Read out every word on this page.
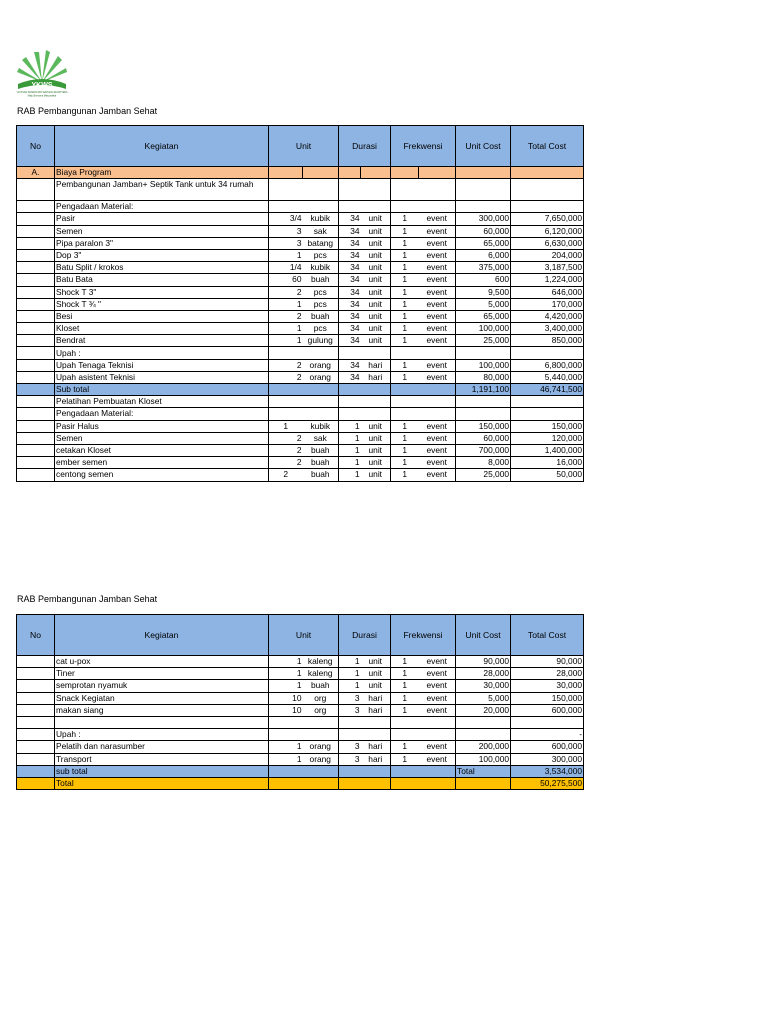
YKWS
YAYASAN KESEHATAN WAHANA SEJAHTERA
Maju Bersama Masyarakat
RAB Pembangunan Jamban Sehat
No	Kegiatan	Unit		Durasi		Frekwensi		Unit Cost	Total Cost
A.	Biaya Program								
	Pembangunan Jamban+ Septik Tank untuk 34 rumah								
	Pengadaan Material:								
	Pasir	3/4	kubik	34	unit	1	event	300,000	7,650,000
	Semen	3	sak	34	unit	1	event	60,000	6,120,000
	Pipa paralon 3"	3	batang	34	unit	1	event	65,000	6,630,000
	Dop 3"	1	pcs	34	unit	1	event	6,000	204,000
	Batu Split / krokos	1/4	kubik	34	unit	1	event	375,000	3,187,500
	Batu Bata	60	buah	34	unit	1	event	600	1,224,000
	Shock T 3"	2	pcs	34	unit	1	event	9,500	646,000
	Shock T ¾ "	1	pcs	34	unit	1	event	5,000	170,000
	Besi	2	buah	34	unit	1	event	65,000	4,420,000
	Kloset	1	pcs	34	unit	1	event	100,000	3,400,000
	Bendrat	1	gulung	34	unit	1	event	25,000	850,000
	Upah :								
	Upah Tenaga Teknisi	2	orang	34	hari	1	event	100,000	6,800,000
	Upah asistent Teknisi	2	orang	34	hari	1	event	80,000	5,440,000
	Sub total							1,191,100	46,741,500
	Pelatihan Pembuatan Kloset								
	Pengadaan Material:								
	Pasir Halus	1	kubik	1	unit	1	event	150,000	150,000
	Semen	2	sak	1	unit	1	event	60,000	120,000
	cetakan Kloset	2	buah	1	unit	1	event	700,000	1,400,000
	ember semen	2	buah	1	unit	1	event	8,000	16,000
	centong semen	2	buah	1	unit	1	event	25,000	50,000
RAB Pembangunan Jamban Sehat
No	Kegiatan	Unit		Durasi		Frekwensi		Unit Cost	Total Cost
	cat u-pox	1	kaleng	1	unit	1	event	90,000	90,000
	Tiner	1	kaleng	1	unit	1	event	28,000	28,000
	semprotan nyamuk	1	buah	1	unit	1	event	30,000	30,000
	Snack Kegiatan	10	org	3	hari	1	event	5,000	150,000
	makan siang	10	org	3	hari	1	event	20,000	600,000

	Upah :								-
	Pelatih dan narasumber	1	orang	3	hari	1	event	200,000	600,000
	Transport	1	orang	3	hari	1	event	100,000	300,000
	sub total							Total	3,534,000
	Total								50,275,500
